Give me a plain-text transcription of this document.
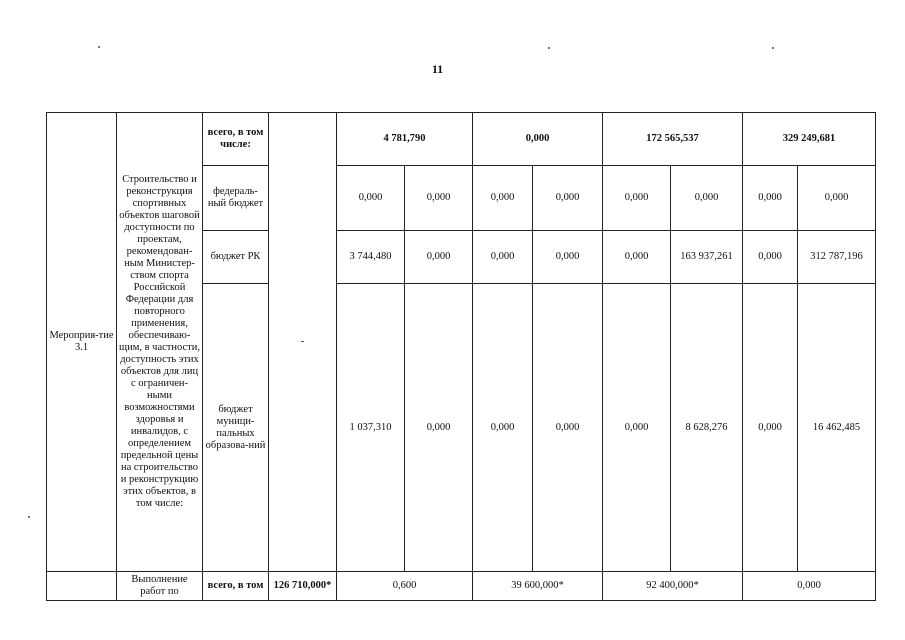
11
Мероприя-тие 3.1	Строительство и реконструкция спортивных объектов шаговой доступности по проектам, рекомендован-ным Министер-ством спорта Российской Федерации для повторного применения, обеспечиваю-щим, в частности, доступность этих объектов для лиц с ограничен-ными возможностями здоровья и инвалидов, с определением предельной цены на строительство и реконструкцию этих объектов, в том числе:	всего, в том числе:	-	4 781,790		0,000		172 565,537		329 249,681	
		федераль-ный бюджет		0,000	0,000	0,000	0,000	0,000	0,000	0,000	0,000
		бюджет РК		3 744,480	0,000	0,000	0,000	0,000	163 937,261	0,000	312 787,196
		бюджет муници-пальных образова-ний		1 037,310	0,000	0,000	0,000	0,000	8 628,276	0,000	16 462,485
	Выполнение работ по	всего, в том	126 710,000*	0,600		39 600,000*		92 400,000*		0,000	
